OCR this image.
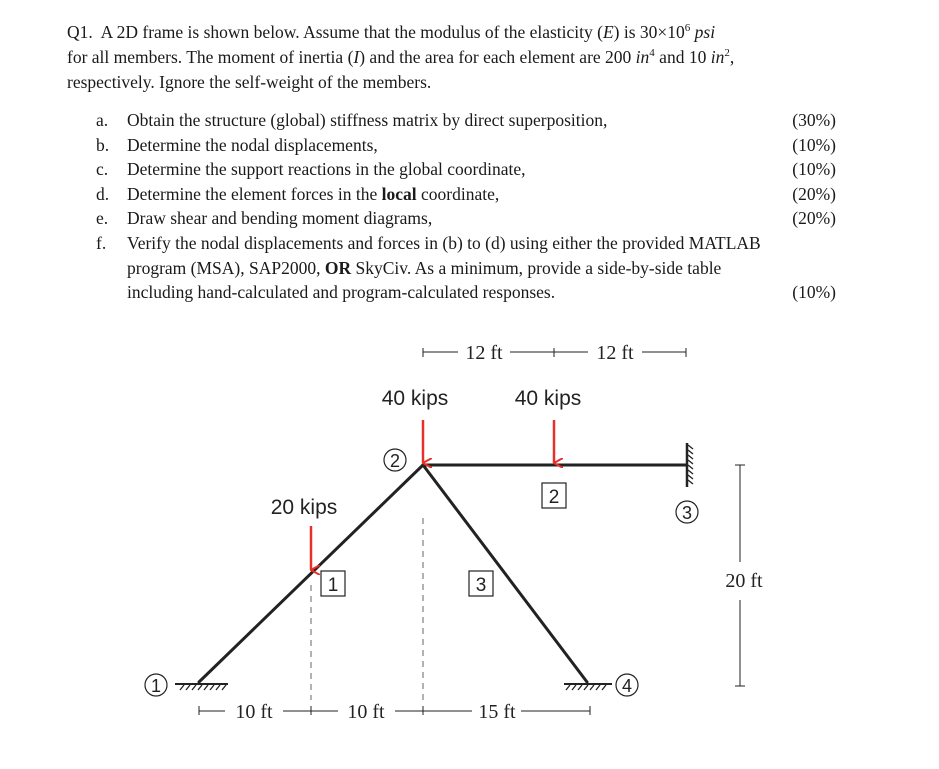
Q1. A 2D frame is shown below. Assume that the modulus of the elasticity (E) is $30\times 10^6$ psi
for all members. The moment of inertia (I) and the area for each element are 200 $in^4$ and 10 $in^2$,
respectively. Ignore the self-weight of the members.

a. Obtain the structure (global) stiffness matrix by direct superposition,	(30%)
b. Determine the nodal displacements,	(10%)
c. Determine the support reactions in the global coordinate,	(10%)
d. Determine the element forces in the local coordinate,	(20%)
e. Draw shear and bending moment diagrams,	(20%)
f. Verify the nodal displacements and forces in (b) to (d) using either the provided MATLAB
program (MSA), SAP2000, OR SkyCiv. As a minimum, provide a side-by-side table
including hand-calculated and program-calculated responses.	(10%)
40 kips	40 kips
20 kips
1
2
3
1
2
3
4
12 ft	12 ft
10 ft	10 ft	15 ft
20 ft
